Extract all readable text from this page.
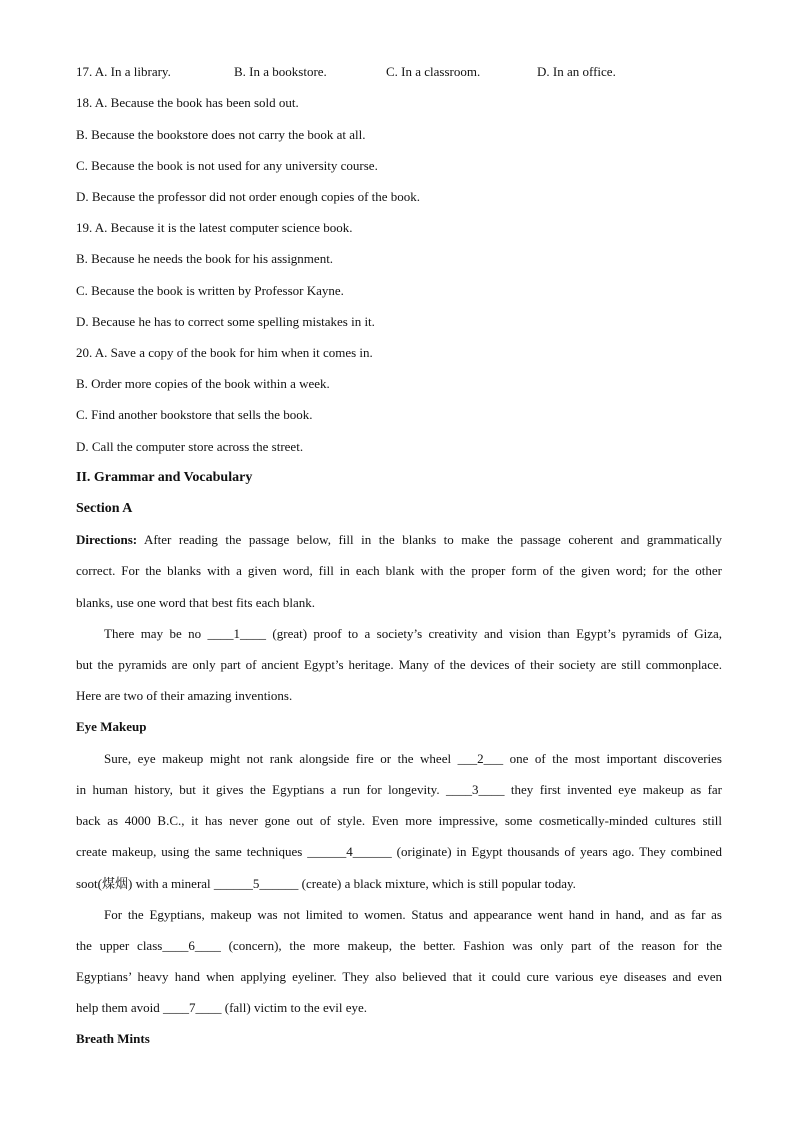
17. A. In a library.	B. In a bookstore.	C. In a classroom.	D. In an office.
18. A. Because the book has been sold out.
B. Because the bookstore does not carry the book at all.
C. Because the book is not used for any university course.
D. Because the professor did not order enough copies of the book.
19. A. Because it is the latest computer science book.
B. Because he needs the book for his assignment.
C. Because the book is written by Professor Kayne.
D. Because he has to correct some spelling mistakes in it.
20. A. Save a copy of the book for him when it comes in.
B. Order more copies of the book within a week.
C. Find another bookstore that sells the book.
D. Call the computer store across the street.
II. Grammar and Vocabulary
Section A
Directions: After reading the passage below, fill in the blanks to make the passage coherent and grammatically
correct. For the blanks with a given word, fill in each blank with the proper form of the given word; for the other
blanks, use one word that best fits each blank.
There may be no ____1____ (great) proof to a society’s creativity and vision than Egypt’s pyramids of Giza,
but the pyramids are only part of ancient Egypt’s heritage. Many of the devices of their society are still commonplace.
Here are two of their amazing inventions.
Eye Makeup
Sure, eye makeup might not rank alongside fire or the wheel ___2___ one of the most important discoveries
in human history, but it gives the Egyptians a run for longevity. ____3____ they first invented eye makeup as far
back as 4000 B.C., it has never gone out of style. Even more impressive, some cosmetically-minded cultures still
create makeup, using the same techniques ______4______ (originate) in Egypt thousands of years ago. They combined
soot(煤烟) with a mineral ______5______ (create) a black mixture, which is still popular today.
For the Egyptians, makeup was not limited to women. Status and appearance went hand in hand, and as far as
the upper class____6____ (concern), the more makeup, the better. Fashion was only part of the reason for the
Egyptians’ heavy hand when applying eyeliner. They also believed that it could cure various eye diseases and even
help them avoid ____7____ (fall) victim to the evil eye.
Breath Mints
